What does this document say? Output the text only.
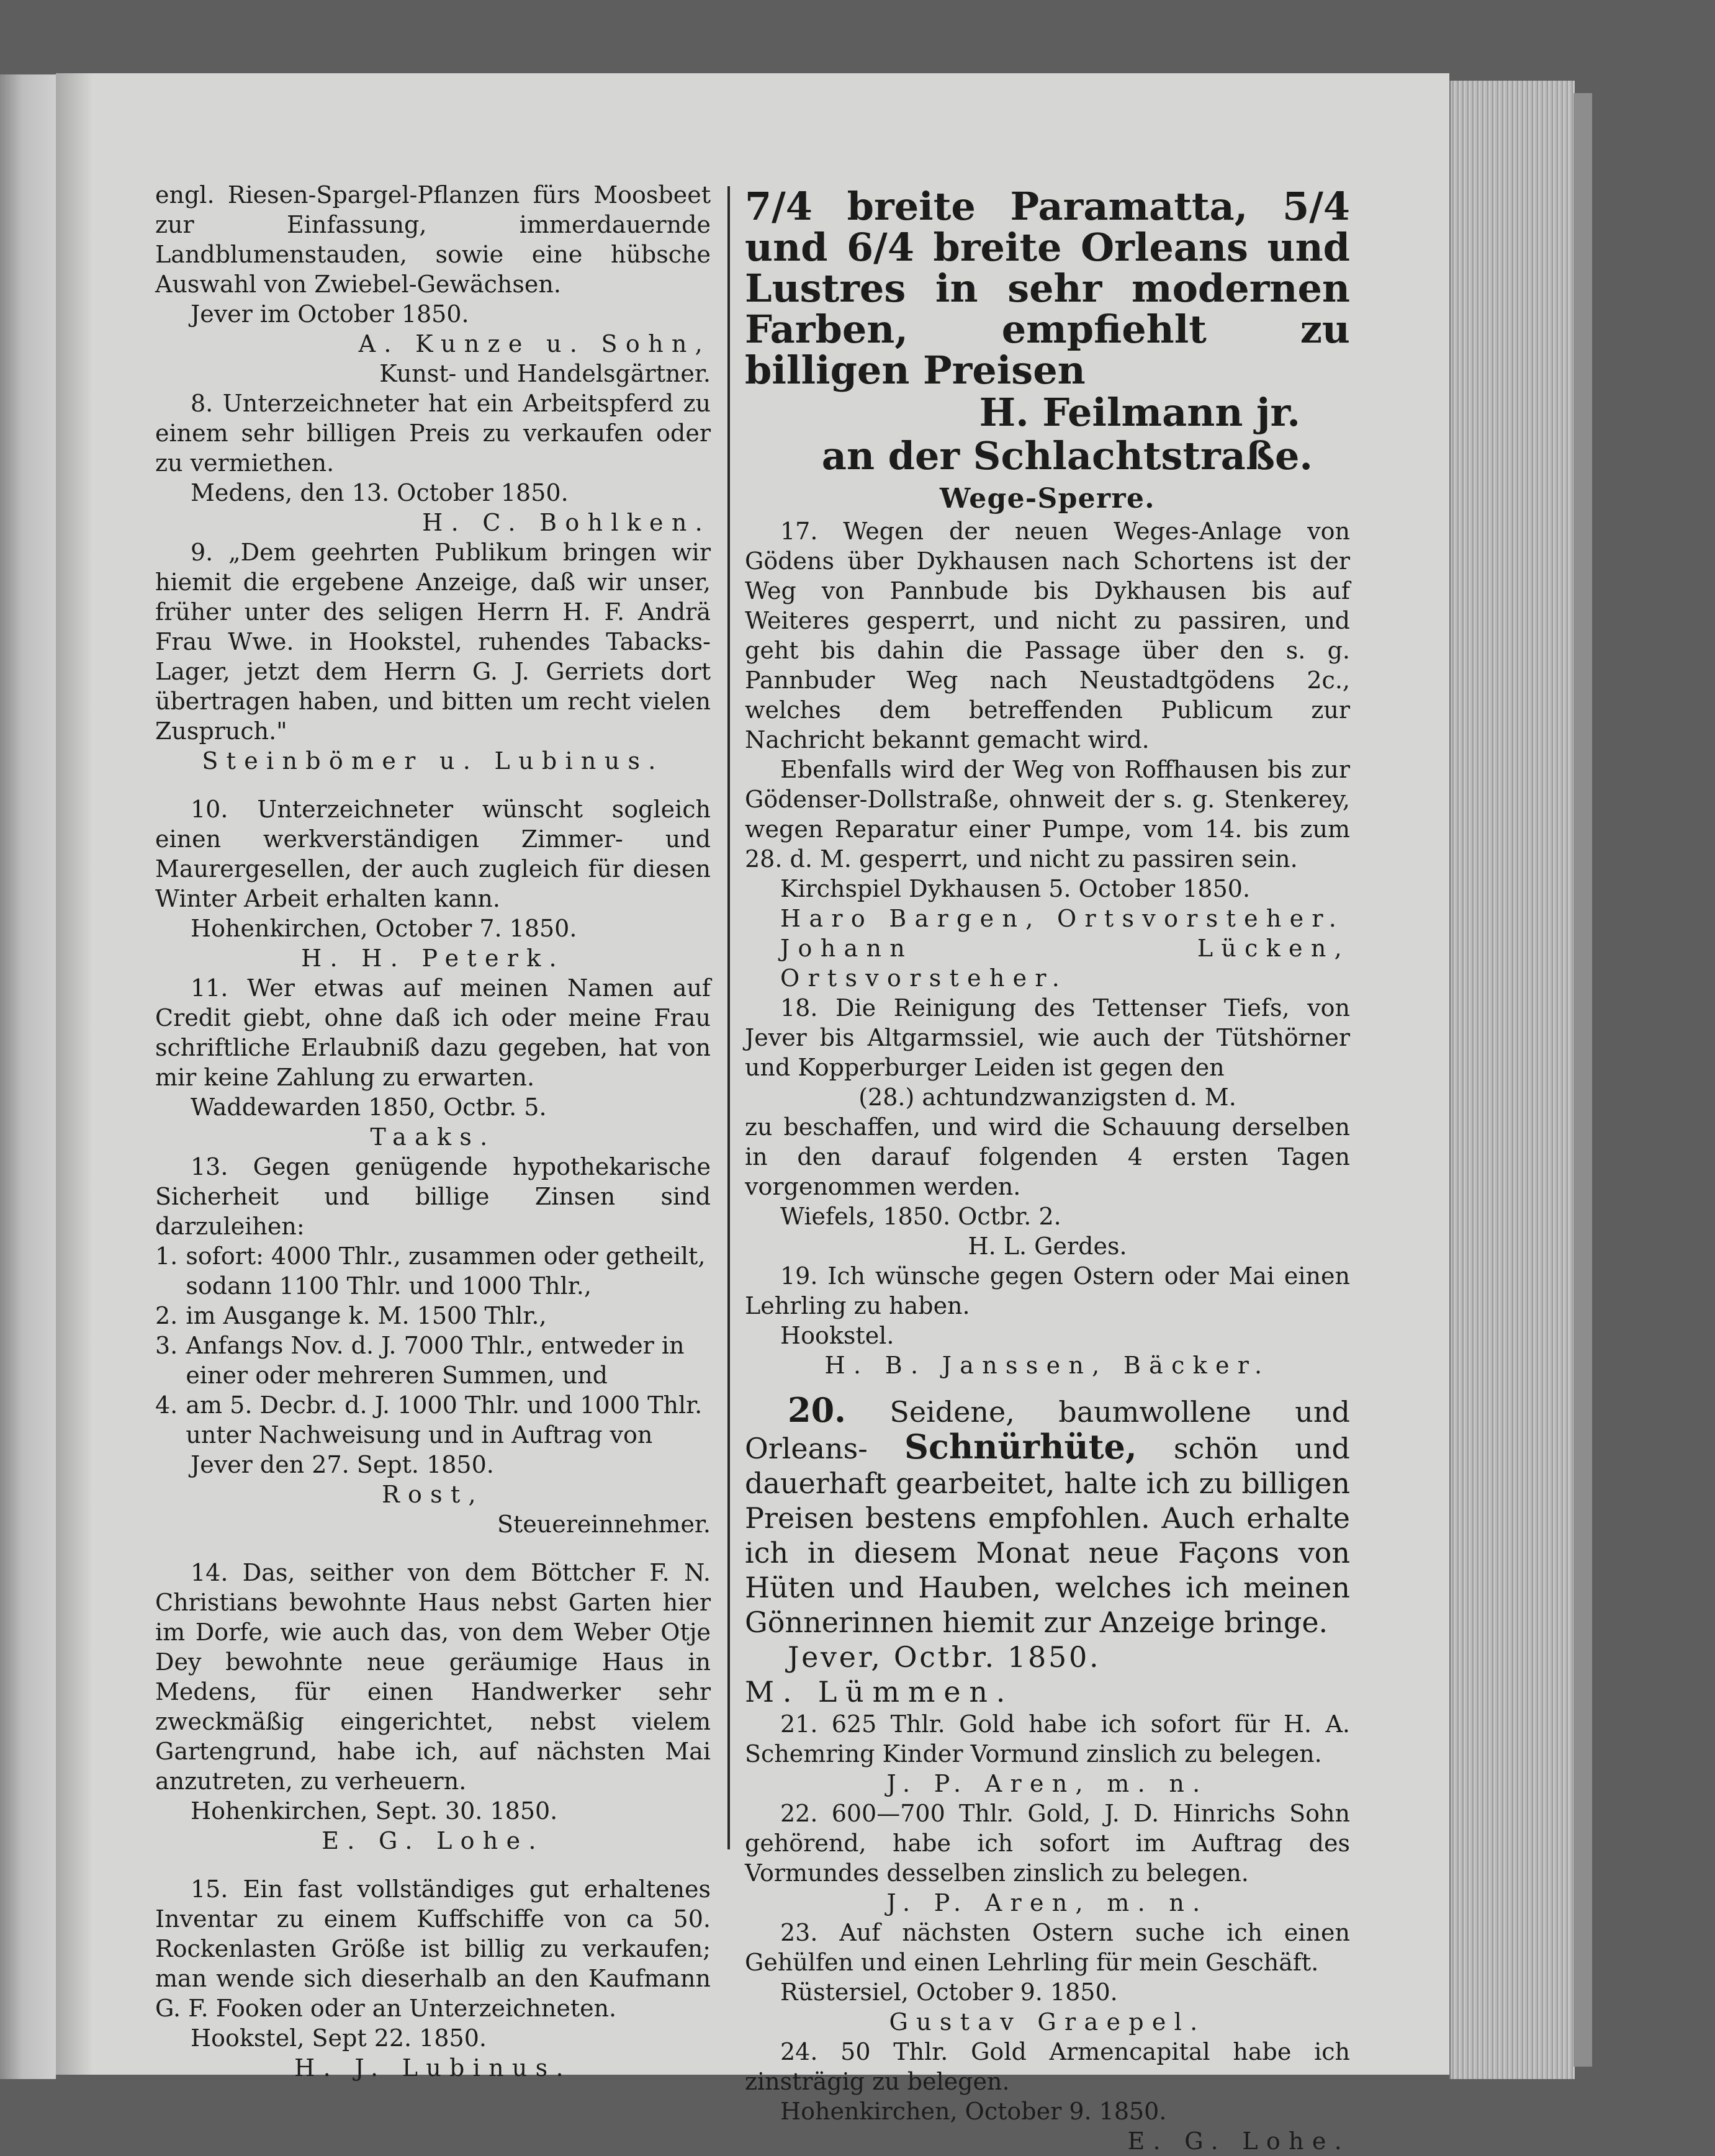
engl. Riesen-Spargel-Pflanzen fürs Moosbeet zur Einfassung, immerdauernde Landblumenstauden, sowie eine hübsche Auswahl von Zwiebel-Gewächsen.

Jever im October 1850.

A. Kunze u. Sohn,

Kunst- und Handelsgärtner.

8. Unterzeichneter hat ein Arbeitspferd zu einem sehr billigen Preis zu verkaufen oder zu vermiethen.

Medens, den 13. October 1850.

H. C. Bohlken.

9. „Dem geehrten Publikum bringen wir hiemit die ergebene Anzeige, daß wir unser, früher unter des seligen Herrn H. F. Andrä Frau Wwe. in Hookstel, ruhendes Tabacks-Lager, jetzt dem Herrn G. J. Gerriets dort übertragen haben, und bitten um recht vielen Zuspruch."

Steinbömer u. Lubinus.

10. Unterzeichneter wünscht sogleich einen werkverständigen Zimmer- und Maurergesellen, der auch zugleich für diesen Winter Arbeit erhalten kann.

Hohenkirchen, October 7. 1850.

H. H. Peterk.

11. Wer etwas auf meinen Namen auf Credit giebt, ohne daß ich oder meine Frau schriftliche Erlaubniß dazu gegeben, hat von mir keine Zahlung zu erwarten.

Waddewarden 1850, Octbr. 5.

Taaks.

13. Gegen genügende hypothekarische Sicherheit und billige Zinsen sind darzuleihen:

1. sofort: 4000 Thlr., zusammen oder getheilt, sodann 1100 Thlr. und 1000 Thlr.,

2. im Ausgange k. M. 1500 Thlr.,

3. Anfangs Nov. d. J. 7000 Thlr., entweder in einer oder mehreren Summen, und

4. am 5. Decbr. d. J. 1000 Thlr. und 1000 Thlr. unter Nachweisung und in Auftrag von

Jever den 27. Sept. 1850.

Rost,

Steuereinnehmer.

14. Das, seither von dem Böttcher F. N. Christians bewohnte Haus nebst Garten hier im Dorfe, wie auch das, von dem Weber Otje Dey bewohnte neue geräumige Haus in Medens, für einen Handwerker sehr zweckmäßig eingerichtet, nebst vielem Gartengrund, habe ich, auf nächsten Mai anzutreten, zu verheuern.

Hohenkirchen, Sept. 30. 1850.

E. G. Lohe.

15. Ein fast vollständiges gut erhaltenes Inventar zu einem Kuffschiffe von ca 50. Rockenlasten Größe ist billig zu verkaufen; man wende sich dieserhalb an den Kaufmann G. F. Fooken oder an Unterzeichneten.

Hookstel, Sept 22. 1850.

H. J. Lubinus.

7/4 breite Paramatta, 5/4 und 6/4 breite Orleans und Lustres in sehr modernen Farben, empfiehlt zu billigen Preisen

H. Feilmann jr.

an der Schlachtstraße.

Wege-Sperre.

17. Wegen der neuen Weges-Anlage von Gödens über Dykhausen nach Schortens ist der Weg von Pannbude bis Dykhausen bis auf Weiteres gesperrt, und nicht zu passiren, und geht bis dahin die Passage über den s. g. Pannbuder Weg nach Neustadtgödens 2c., welches dem betreffenden Publicum zur Nachricht bekannt gemacht wird.

Ebenfalls wird der Weg von Roffhausen bis zur Gödenser-Dollstraße, ohnweit der s. g. Stenkerey, wegen Reparatur einer Pumpe, vom 14. bis zum 28. d. M. gesperrt, und nicht zu passiren sein.

Kirchspiel Dykhausen 5. October 1850.

Haro Bargen, Ortsvorsteher.

Johann Lücken, Ortsvorsteher.

18. Die Reinigung des Tettenser Tiefs, von Jever bis Altgarmssiel, wie auch der Tütshörner und Kopperburger Leiden ist gegen den

(28.) achtundzwanzigsten d. M.

zu beschaffen, und wird die Schauung derselben in den darauf folgenden 4 ersten Tagen vorgenommen werden.

Wiefels, 1850. Octbr. 2.

H. L. Gerdes.

19. Ich wünsche gegen Ostern oder Mai einen Lehrling zu haben.

Hookstel.

H. B. Janssen, Bäcker.

20. Seidene, baumwollene und Orleans- Schnürhüte, schön und dauerhaft gearbeitet, halte ich zu billigen Preisen bestens empfohlen. Auch erhalte ich in diesem Monat neue Façons von Hüten und Hauben, welches ich meinen Gönnerinnen hiemit zur Anzeige bringe.

Jever, Octbr. 1850.

M. Lümmen.

21. 625 Thlr. Gold habe ich sofort für H. A. Schemring Kinder Vormund zinslich zu belegen.

J. P. Aren, m. n.

22. 600—700 Thlr. Gold, J. D. Hinrichs Sohn gehörend, habe ich sofort im Auftrag des Vormundes desselben zinslich zu belegen.

J. P. Aren, m. n.

23. Auf nächsten Ostern suche ich einen Gehülfen und einen Lehrling für mein Geschäft.

Rüstersiel, October 9. 1850.

Gustav Graepel.

24. 50 Thlr. Gold Armencapital habe ich zinsträgig zu belegen.

Hohenkirchen, October 9. 1850.

E. G. Lohe.
